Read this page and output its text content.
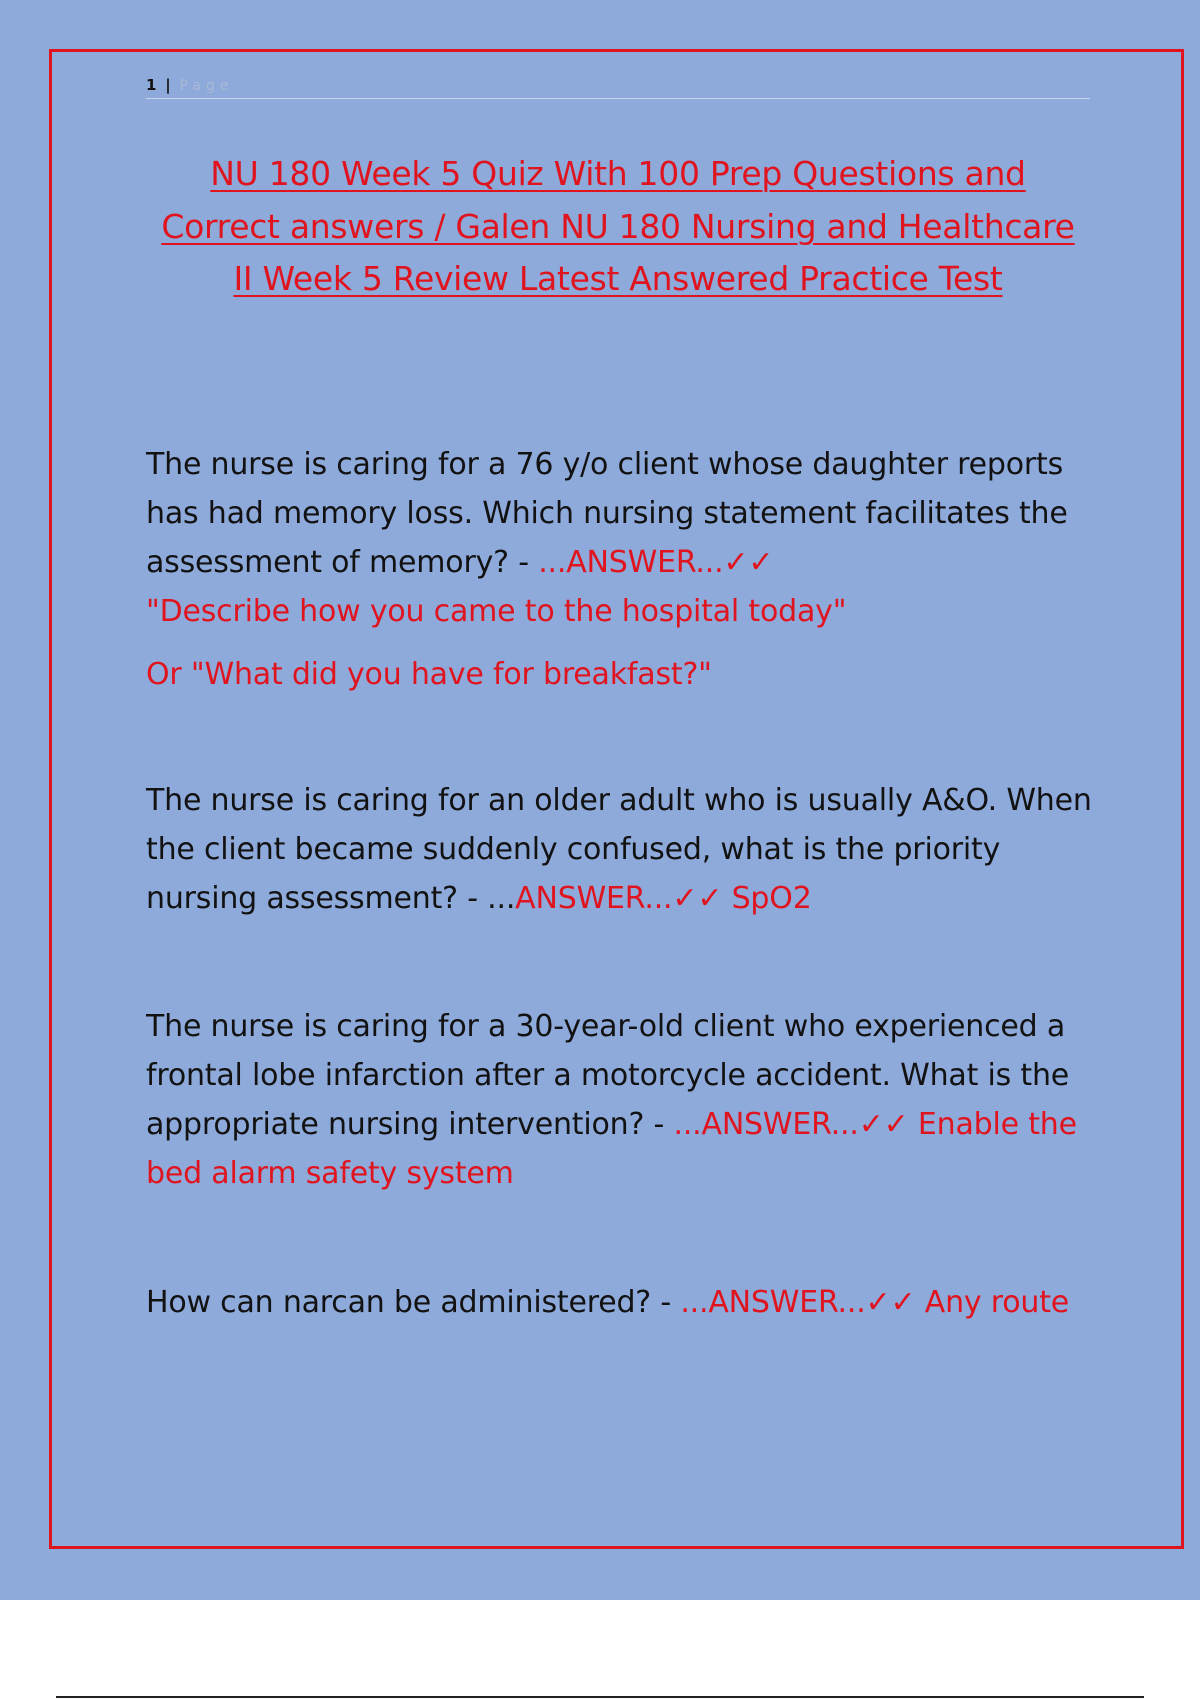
1 | Page
NU 180 Week 5 Quiz With 100 Prep Questions and Correct answers / Galen NU 180 Nursing and Healthcare II Week 5 Review Latest Answered Practice Test
The nurse is caring for a 76 y/o client whose daughter reports has had memory loss. Which nursing statement facilitates the assessment of memory? - ...ANSWER...✓✓
"Describe how you came to the hospital today"
Or "What did you have for breakfast?"
The nurse is caring for an older adult who is usually A&O. When the client became suddenly confused, what is the priority nursing assessment? - ...ANSWER...✓✓ SpO2
The nurse is caring for a 30-year-old client who experienced a frontal lobe infarction after a motorcycle accident. What is the appropriate nursing intervention? - ...ANSWER...✓✓ Enable the bed alarm safety system
How can narcan be administered? - ...ANSWER...✓✓ Any route
